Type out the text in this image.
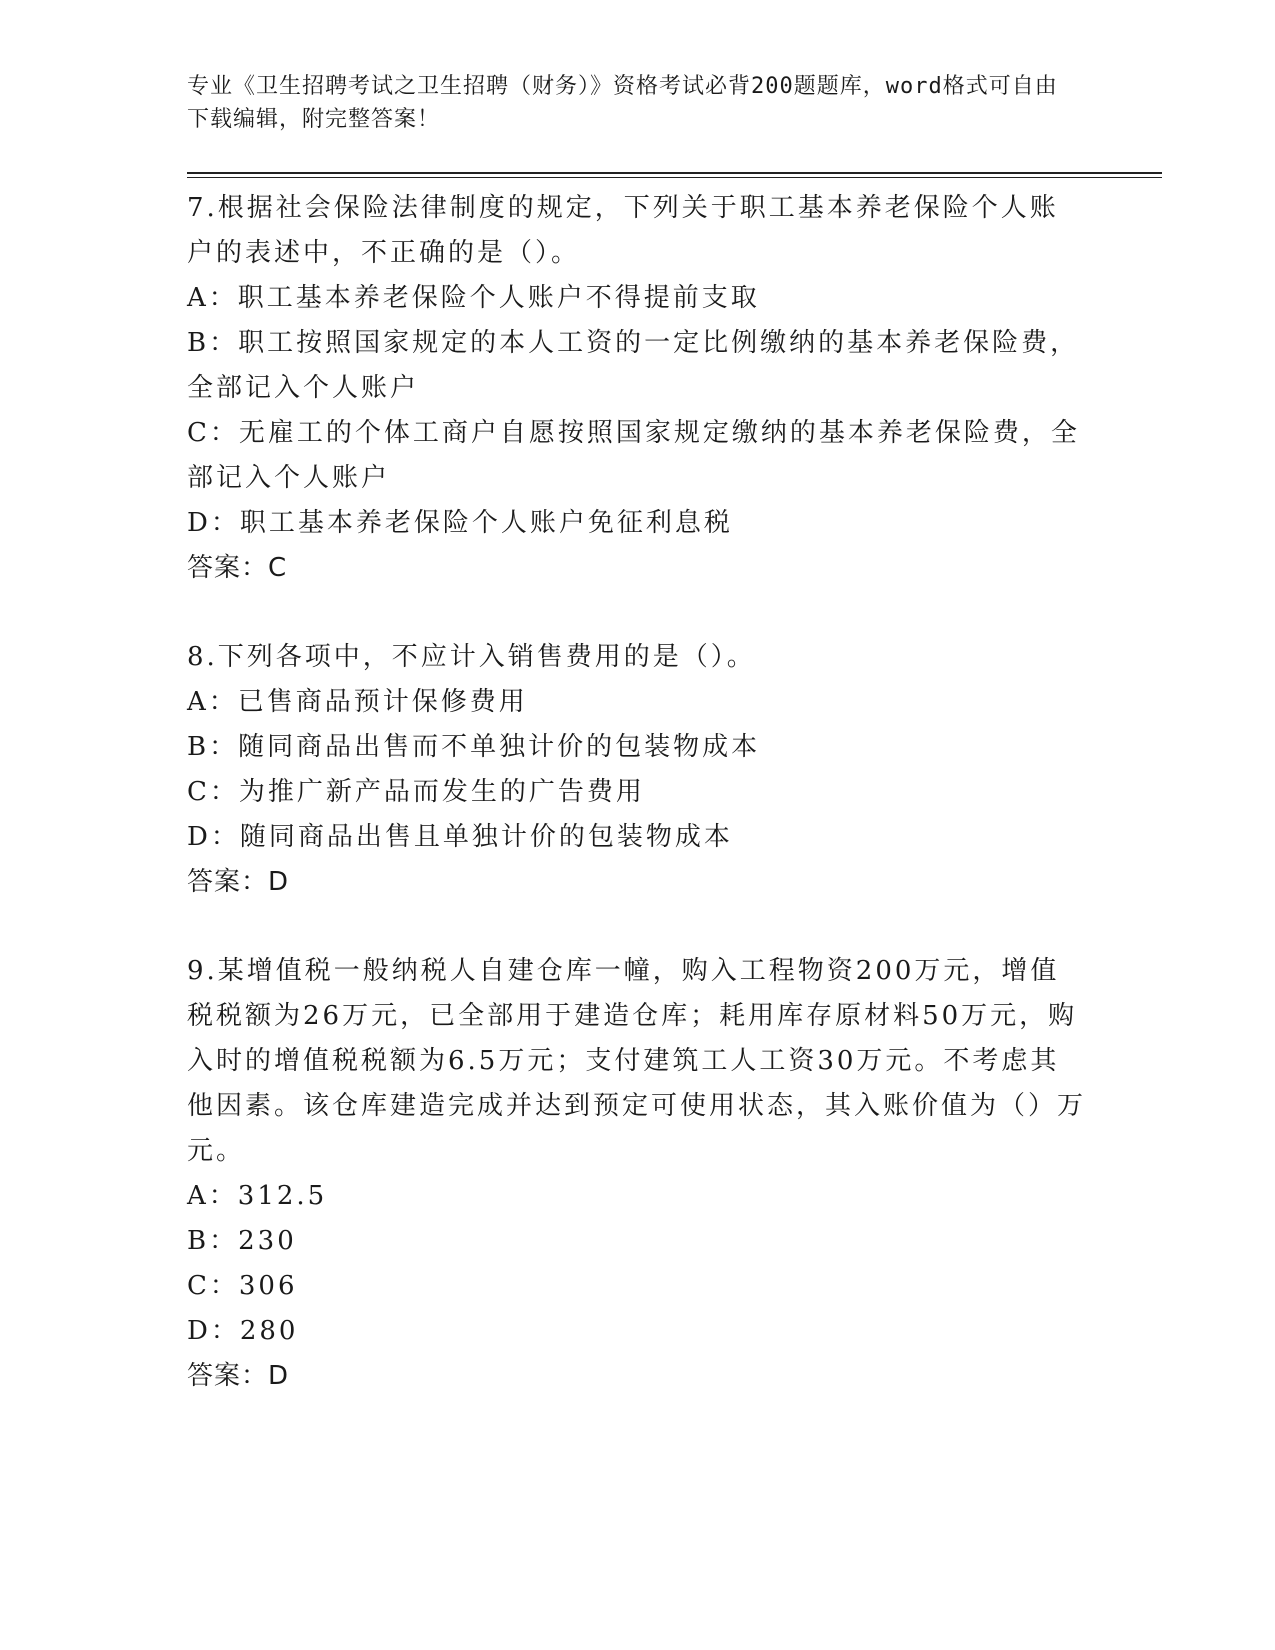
专业《卫生招聘考试之卫生招聘（财务）》资格考试必背200题题库，word格式可自由下载编辑，附完整答案！

7.根据社会保险法律制度的规定，下列关于职工基本养老保险个人账户的表述中，不正确的是（）。

A：职工基本养老保险个人账户不得提前支取

B：职工按照国家规定的本人工资的一定比例缴纳的基本养老保险费，全部记入个人账户

C：无雇工的个体工商户自愿按照国家规定缴纳的基本养老保险费，全部记入个人账户

D：职工基本养老保险个人账户免征利息税

答案：C

8.下列各项中，不应计入销售费用的是（）。

A：已售商品预计保修费用

B：随同商品出售而不单独计价的包装物成本

C：为推广新产品而发生的广告费用

D：随同商品出售且单独计价的包装物成本

答案：D

9.某增值税一般纳税人自建仓库一幢，购入工程物资200万元，增值税税额为26万元，已全部用于建造仓库；耗用库存原材料50万元，购入时的增值税税额为6.5万元；支付建筑工人工资30万元。不考虑其他因素。该仓库建造完成并达到预定可使用状态，其入账价值为（）万元。

A：312.5

B：230

C：306

D：280

答案：D
